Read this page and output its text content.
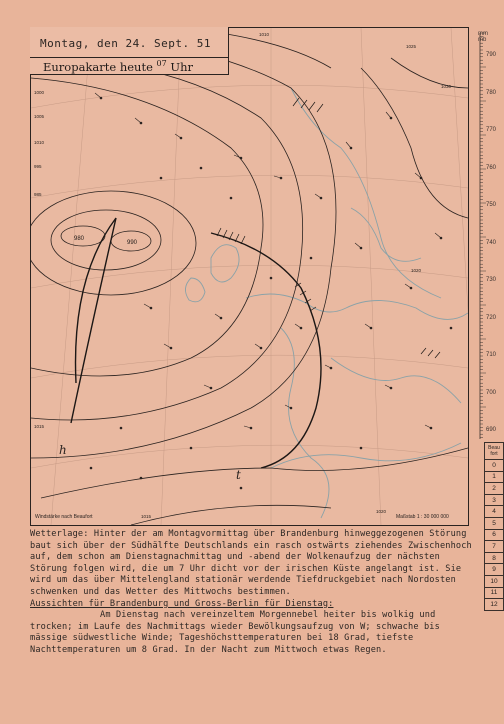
980
990
h
t
1000
1005
1010
1015
995
985
1010
1025
1020
1020
1015
1030
Montag, den 24. Sept. 51
Europakarte heute $^{07}$ Uhr
Windstärke nach Beaufort	Maßstab 1 : 30 000 000
mm
mb
790
780
770
760
750
740
730
720
710
700
690
Beau fort

0
1
2
3
4
5
6
7
8
9
10
11
12

Wetterlage: Hinter der am Montagvormittag über Brandenburg hinweggezogenen Störung baut sich über der Südhälfte Deutschlands ein rasch ostwärts ziehendes Zwischenhoch auf, dem schon am Dienstagnachmittag und -abend der Wolkenaufzug der nächsten Störung folgen wird, die um 7 Uhr dicht vor der irischen Küste angelangt ist. Sie wird um das über Mittelengland stationär werdende Tiefdruckgebiet nach Nordosten schwenken und das Wetter des Mittwochs bestimmen.

Aussichten für Brandenburg und Gross-Berlin für Dienstag:

Am Dienstag nach vereinzeltem Morgennebel heiter bis wolkig und trocken; im Laufe des Nachmittags wieder Bewölkungsaufzug von W; schwache bis mässige südwestliche Winde; Tageshöchsttemperaturen bei 18 Grad, tiefste Nachttemperaturen um 8 Grad. In der Nacht zum Mittwoch etwas Regen.
